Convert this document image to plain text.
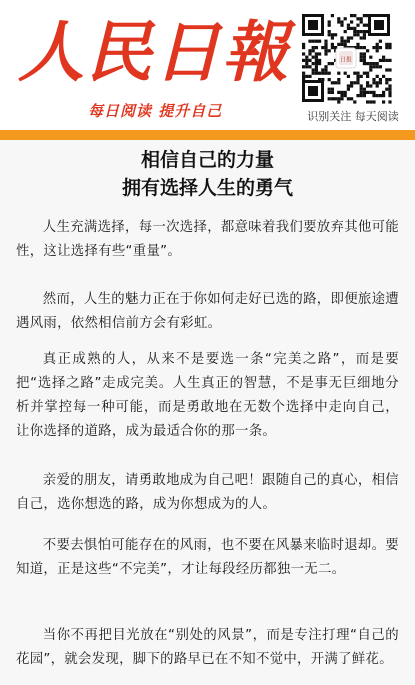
人民日報
每日阅读 提升自己
日报
识别关注 每天阅读
相信自己的力量
拥有选择人生的勇气

人生充满选择，每一次选择，都意味着我们要放弃其他可能性，这让选择有些“重量”。

然而，人生的魅力正在于你如何走好已选的路，即便旅途遭遇风雨，依然相信前方会有彩虹。

真正成熟的人，从来不是要选一条“完美之路”，而是要把“选择之路”走成完美。人生真正的智慧，不是事无巨细地分析并掌控每一种可能，而是勇敢地在无数个选择中走向自己，让你选择的道路，成为最适合你的那一条。

亲爱的朋友，请勇敢地成为自己吧！跟随自己的真心，相信自己，选你想选的路，成为你想成为的人。

不要去惧怕可能存在的风雨，也不要在风暴来临时退却。要知道，正是这些“不完美”，才让每段经历都独一无二。

当你不再把目光放在“别处的风景”，而是专注打理“自己的花园”，就会发现，脚下的路早已在不知不觉中，开满了鲜花。
